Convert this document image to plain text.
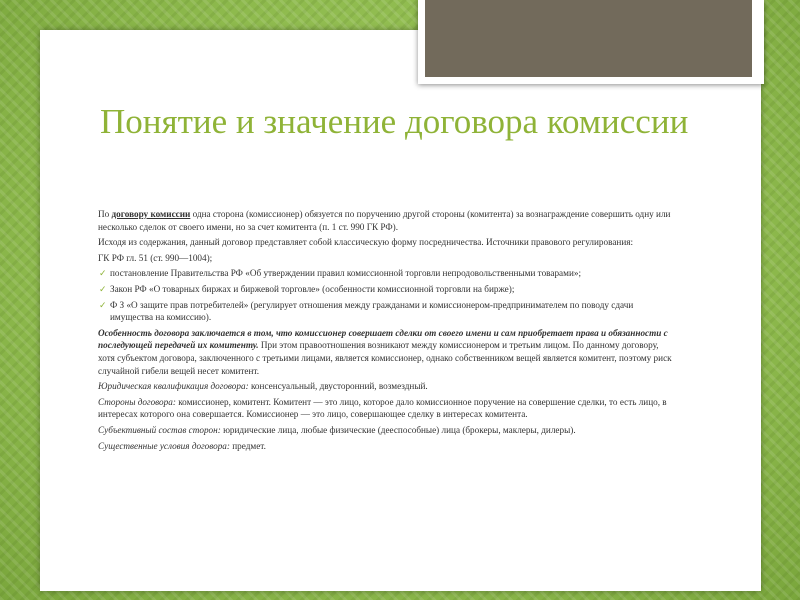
Понятие и значение договора комиссии

По договору комиссии одна сторона (комиссионер) обязуется по поручению другой стороны (комитента) за вознаграждение совершить одну или несколько сделок от своего имени, но за счет комитента (п. 1 ст. 990 ГК РФ).

Исходя из содержания, данный договор представляет собой классическую форму посредничества. Источники правового регулирования:

ГК РФ гл. 51 (ст. 990—1004);

✓ постановление Правительства РФ «Об утверждении правил комиссионной торговли непродовольственными товарами»;

✓ Закон РФ «О товарных биржах и биржевой торговле» (особенности комиссионной торговли на бирже);

✓ Ф З «О защите прав потребителей» (регулирует отношения между гражданами и комиссионером-предпринимателем по поводу сдачи имущества на комиссию).

Особенность договора заключается в том, что комиссионер совершает сделки от своего имени и сам приобретает права и обязанности с последующей передачей их комитенту. При этом правоотношения возникают между комиссионером и третьим лицом. По данному договору, хотя субъектом договора, заключенного с третьими лицами, является комиссионер, однако собственником вещей является комитент, поэтому риск случайной гибели вещей несет комитент.

Юридическая квалификация договора: консенсуальный, двусторонний, возмездный.

Стороны договора: комиссионер, комитент. Комитент — это лицо, которое дало комиссионное поручение на совершение сделки, то есть лицо, в интересах которого она совершается. Комиссионер — это лицо, совершающее сделку в интересах комитента.

Субъективный состав сторон: юридические лица, любые физические (дееспособные) лица (брокеры, маклеры, дилеры).

Существенные условия договора: предмет.
